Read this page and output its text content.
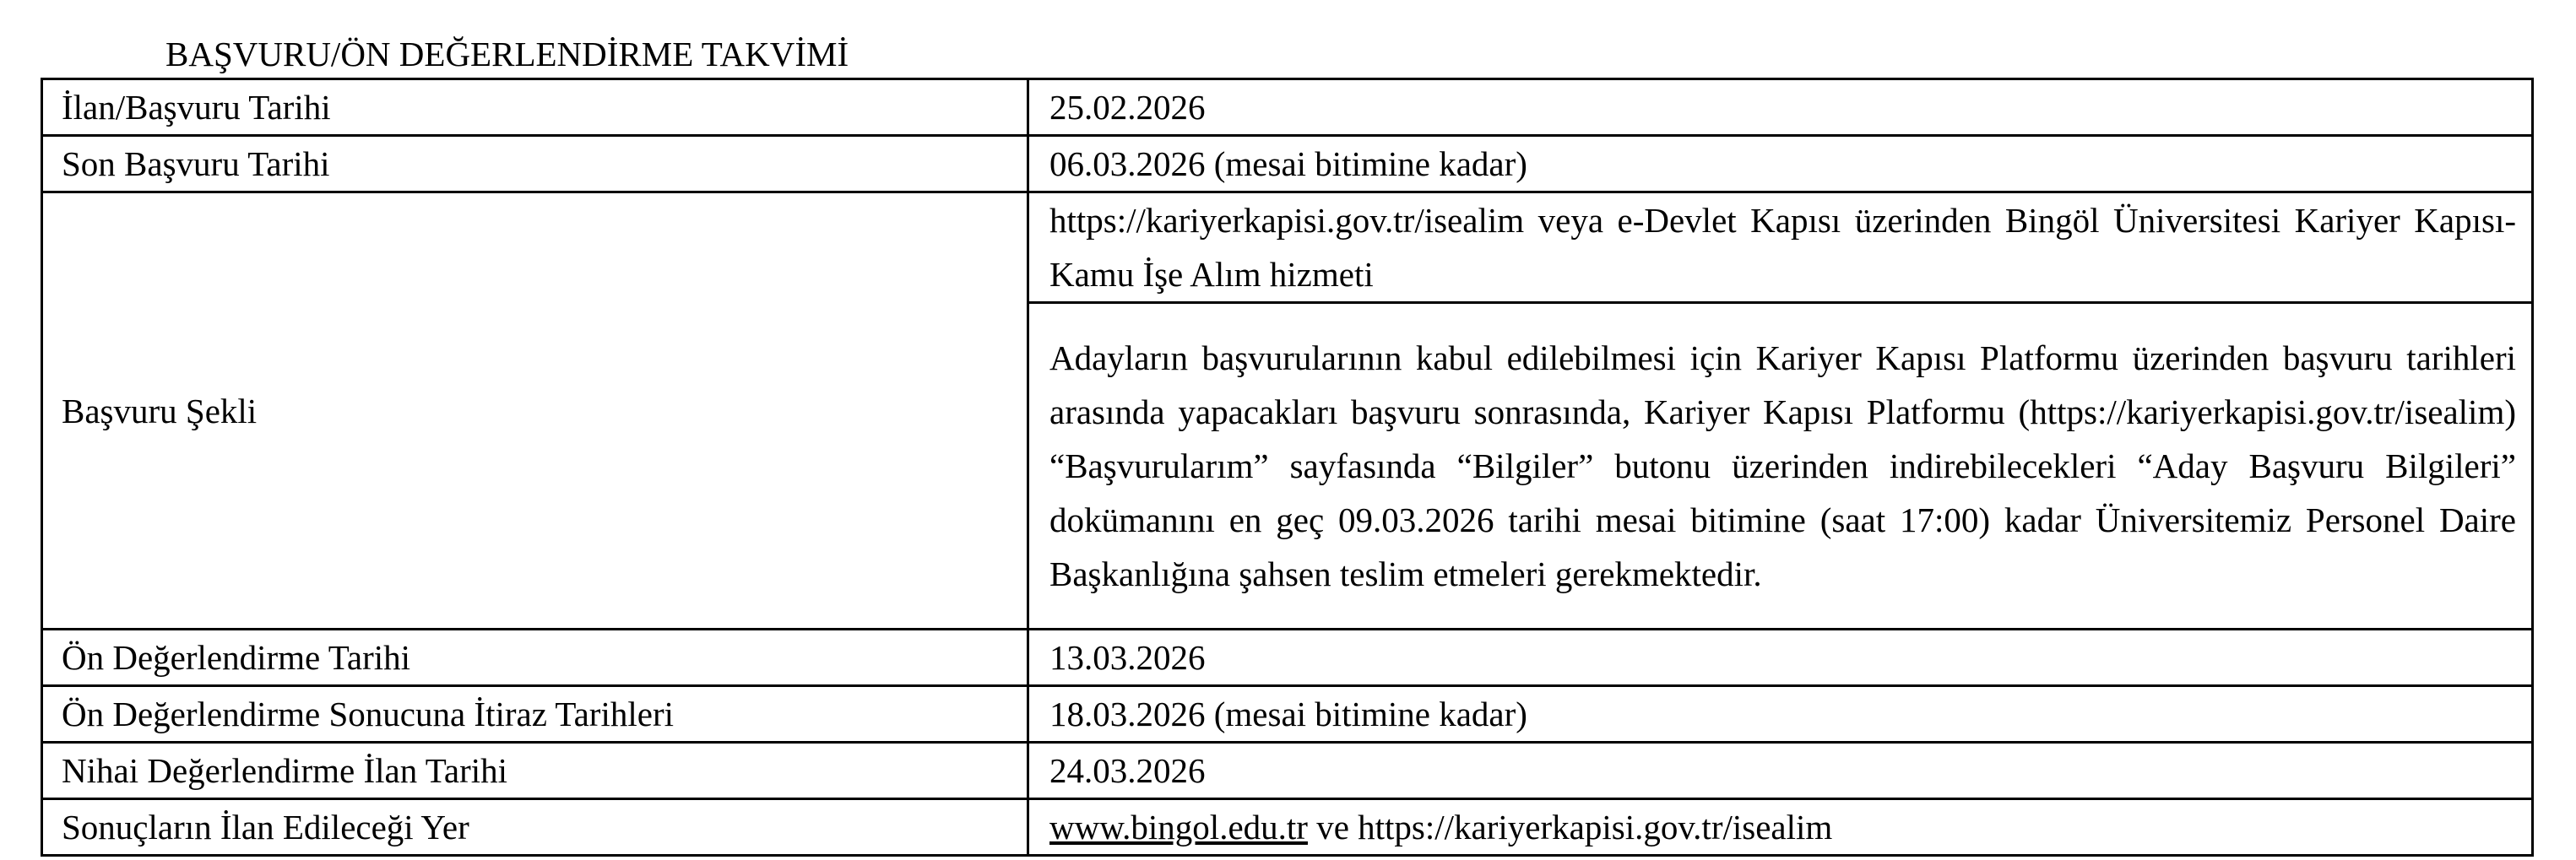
BAŞVURU/ÖN DEĞERLENDİRME TAKVİMİ
İlan/Başvuru Tarihi	25.02.2026
Son Başvuru Tarihi	06.03.2026 (mesai bitimine kadar)
Başvuru Şekli	https://kariyerkapisi.gov.tr/isealim veya e-Devlet Kapısı üzerinden Bingöl Üniversitesi Kariyer Kapısı-Kamu İşe Alım hizmeti
	Adayların başvurularının kabul edilebilmesi için Kariyer Kapısı Platformu üzerinden başvuru tarihleri arasında yapacakları başvuru sonrasında, Kariyer Kapısı Platformu (https://kariyerkapisi.gov.tr/isealim) “Başvurularım” sayfasında “Bilgiler” butonu üzerinden indirebilecekleri “Aday Başvuru Bilgileri” dokümanını en geç 09.03.2026 tarihi mesai bitimine (saat 17:00) kadar Üniversitemiz Personel Daire Başkanlığına şahsen teslim etmeleri gerekmektedir.
Ön Değerlendirme Tarihi	13.03.2026
Ön Değerlendirme Sonucuna İtiraz Tarihleri	18.03.2026 (mesai bitimine kadar)
Nihai Değerlendirme İlan Tarihi	24.03.2026
Sonuçların İlan Edileceği Yer	www.bingol.edu.tr ve https://kariyerkapisi.gov.tr/isealim
